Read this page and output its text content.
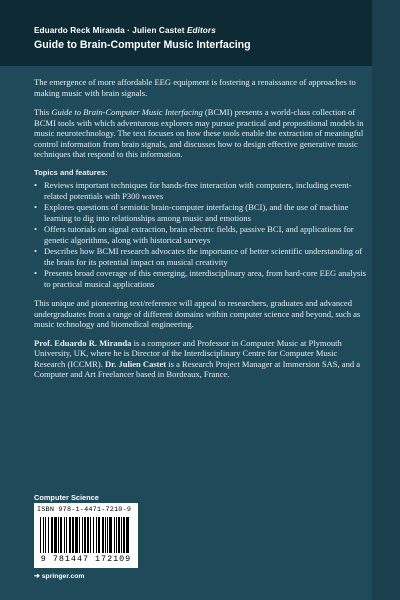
Eduardo Reck Miranda · Julien Castet Editors
Guide to Brain-Computer Music Interfacing

The emergence of more affordable EEG equipment is fostering a renaissance of approaches to making music with brain signals.

This Guide to Brain-Computer Music Interfacing (BCMI) presents a world-class collection of BCMI tools with which adventurous explorers may pursue practical and propositional models in music neurotechnology. The text focuses on how these tools enable the extraction of meaningful control information from brain signals, and discusses how to design effective generative music techniques that respond to this information.

Topics and features:
• Reviews important techniques for hands-free interaction with computers, including event-related potentials with P300 waves
• Explores questions of semiotic brain-computer interfacing (BCI), and the use of machine learning to dig into relationships among music and emotions
• Offers tutorials on signal extraction, brain electric fields, passive BCI, and applications for genetic algorithms, along with historical surveys
• Describes how BCMI research advocates the importance of better scientific understanding of the brain for its potential impact on musical creativity
• Presents broad coverage of this emerging, interdisciplinary area, from hard-core EEG analysis to practical musical applications

This unique and pioneering text/reference will appeal to researchers, graduates and advanced undergraduates from a range of different domains within computer science and beyond, such as music technology and biomedical engineering.

Prof. Eduardo R. Miranda is a composer and Professor in Computer Music at Plymouth University, UK, where he is Director of the Interdisciplinary Centre for Computer Music Research (ICCMR). Dr. Julien Castet is a Research Project Manager at Immersion SAS, and a Computer and Art Freelancer based in Bordeaux, France.

Computer Science
ISBN 978-1-4471-7210-9
9 781447 172109
➔ springer.com
